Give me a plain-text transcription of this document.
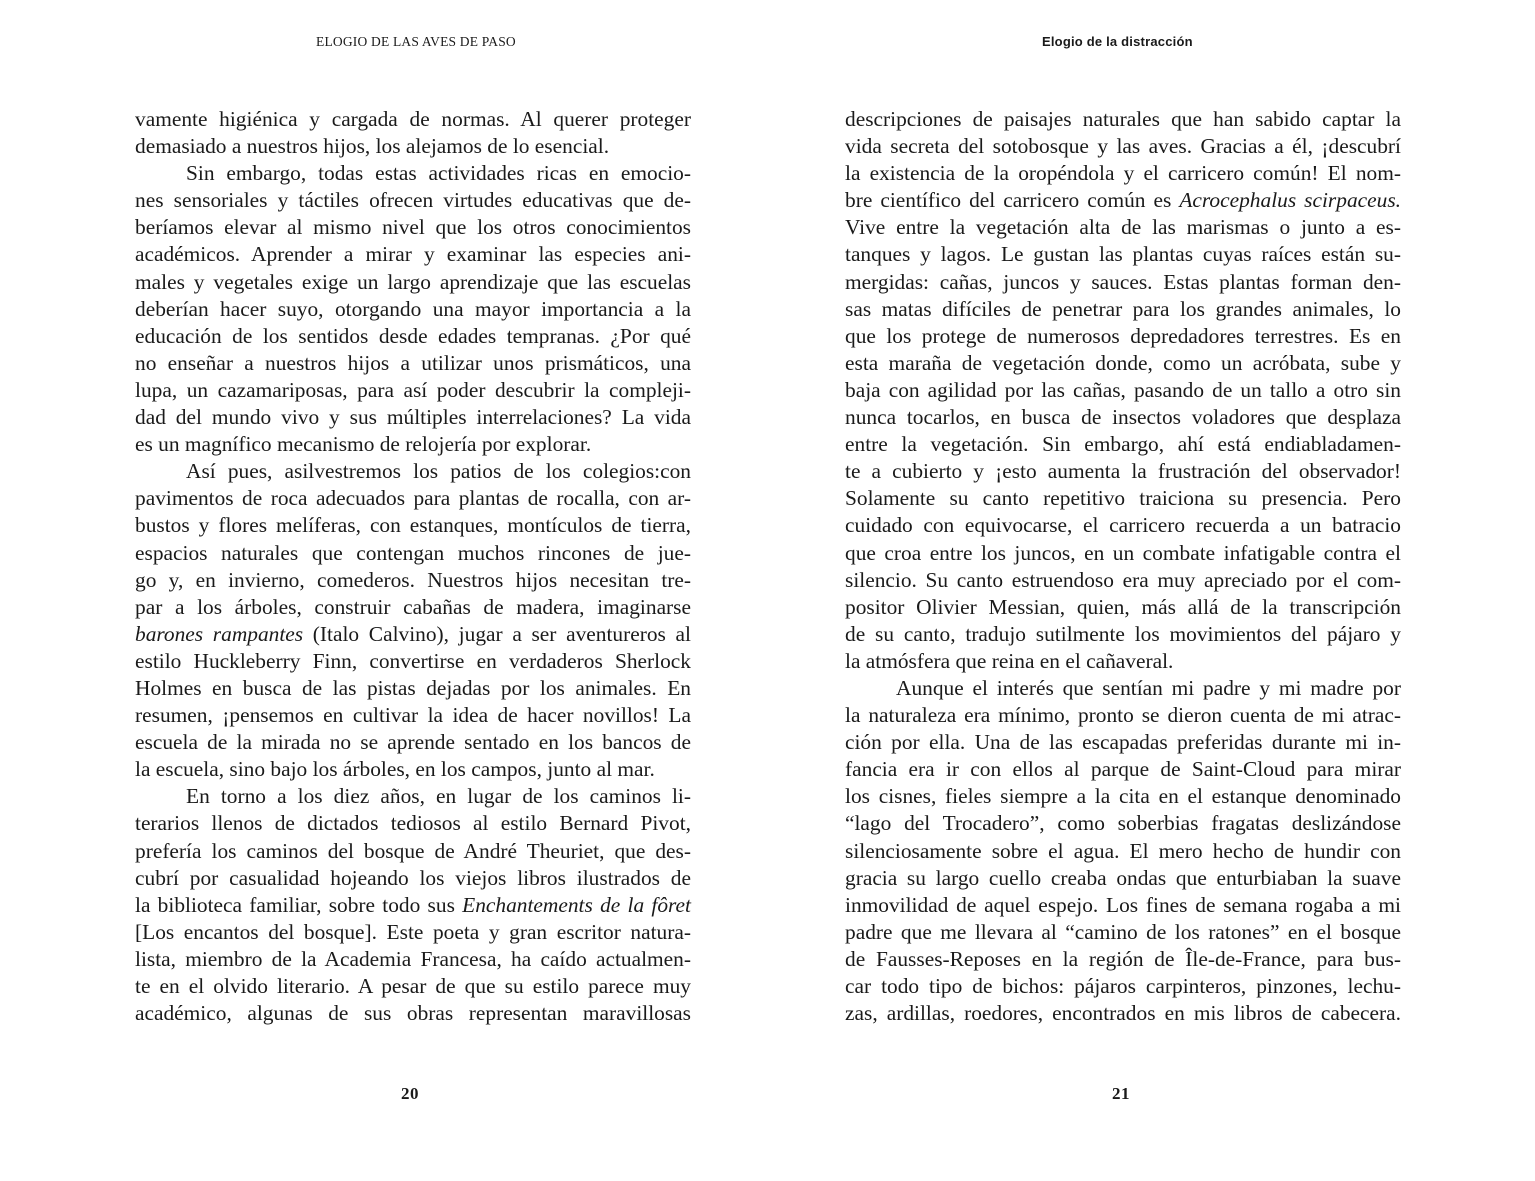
ELOGIO DE LAS AVES DE PASO
vamente higiénica y cargada de normas. Al querer proteger
demasiado a nuestros hijos, los alejamos de lo esencial.
Sin embargo, todas estas actividades ricas en emocio-
nes sensoriales y táctiles ofrecen virtudes educativas que de-
beríamos elevar al mismo nivel que los otros conocimientos
académicos. Aprender a mirar y examinar las especies ani-
males y vegetales exige un largo aprendizaje que las escuelas
deberían hacer suyo, otorgando una mayor importancia a la
educación de los sentidos desde edades tempranas. ¿Por qué
no enseñar a nuestros hijos a utilizar unos prismáticos, una
lupa, un cazamariposas, para así poder descubrir la compleji-
dad del mundo vivo y sus múltiples interrelaciones? La vida
es un magnífico mecanismo de relojería por explorar.
Así pues, asilvestremos los patios de los colegios:con
pavimentos de roca adecuados para plantas de rocalla, con ar-
bustos y flores melíferas, con estanques, montículos de tierra,
espacios naturales que contengan muchos rincones de jue-
go y, en invierno, comederos. Nuestros hijos necesitan tre-
par a los árboles, construir cabañas de madera, imaginarse
barones rampantes (Italo Calvino), jugar a ser aventureros al
estilo Huckleberry Finn, convertirse en verdaderos Sherlock
Holmes en busca de las pistas dejadas por los animales. En
resumen, ¡pensemos en cultivar la idea de hacer novillos! La
escuela de la mirada no se aprende sentado en los bancos de
la escuela, sino bajo los árboles, en los campos, junto al mar.
En torno a los diez años, en lugar de los caminos li-
terarios llenos de dictados tediosos al estilo Bernard Pivot,
prefería los caminos del bosque de André Theuriet, que des-
cubrí por casualidad hojeando los viejos libros ilustrados de
la biblioteca familiar, sobre todo sus Enchantements de la fôret
[Los encantos del bosque]. Este poeta y gran escritor natura-
lista, miembro de la Academia Francesa, ha caído actualmen-
te en el olvido literario. A pesar de que su estilo parece muy
académico, algunas de sus obras representan maravillosas
20
Elogio de la distracción
descripciones de paisajes naturales que han sabido captar la
vida secreta del sotobosque y las aves. Gracias a él, ¡descubrí
la existencia de la oropéndola y el carricero común! El nom-
bre científico del carricero común es Acrocephalus scirpaceus.
Vive entre la vegetación alta de las marismas o junto a es-
tanques y lagos. Le gustan las plantas cuyas raíces están su-
mergidas: cañas, juncos y sauces. Estas plantas forman den-
sas matas difíciles de penetrar para los grandes animales, lo
que los protege de numerosos depredadores terrestres. Es en
esta maraña de vegetación donde, como un acróbata, sube y
baja con agilidad por las cañas, pasando de un tallo a otro sin
nunca tocarlos, en busca de insectos voladores que desplaza
entre la vegetación. Sin embargo, ahí está endiabladamen-
te a cubierto y ¡esto aumenta la frustración del observador!
Solamente su canto repetitivo traiciona su presencia. Pero
cuidado con equivocarse, el carricero recuerda a un batracio
que croa entre los juncos, en un combate infatigable contra el
silencio. Su canto estruendoso era muy apreciado por el com-
positor Olivier Messian, quien, más allá de la transcripción
de su canto, tradujo sutilmente los movimientos del pájaro y
la atmósfera que reina en el cañaveral.
Aunque el interés que sentían mi padre y mi madre por
la naturaleza era mínimo, pronto se dieron cuenta de mi atrac-
ción por ella. Una de las escapadas preferidas durante mi in-
fancia era ir con ellos al parque de Saint-Cloud para mirar
los cisnes, fieles siempre a la cita en el estanque denominado
“lago del Trocadero”, como soberbias fragatas deslizándose
silenciosamente sobre el agua. El mero hecho de hundir con
gracia su largo cuello creaba ondas que enturbiaban la suave
inmovilidad de aquel espejo. Los fines de semana rogaba a mi
padre que me llevara al “camino de los ratones” en el bosque
de Fausses-Reposes en la región de Île-de-France, para bus-
car todo tipo de bichos: pájaros carpinteros, pinzones, lechu-
zas, ardillas, roedores, encontrados en mis libros de cabecera.
21
